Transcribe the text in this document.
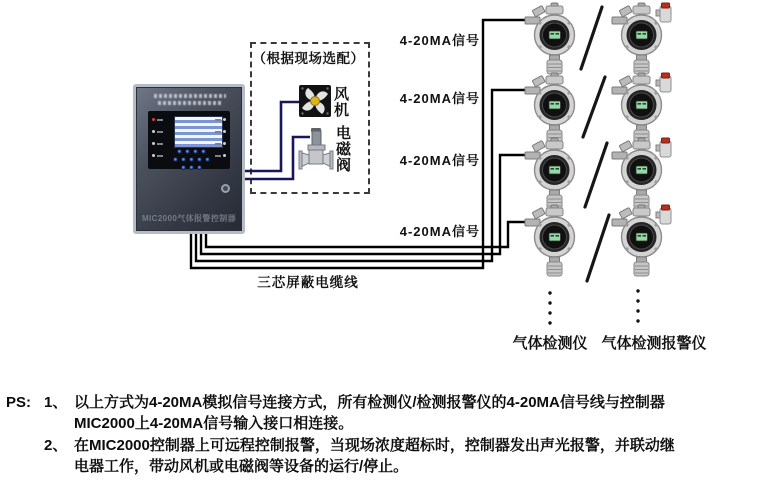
MIC2000气体报警控制器
（根据现场选配）
风机
电磁阀
4-20MA信号
4-20MA信号
4-20MA信号
4-20MA信号
三芯屏蔽电缆线
气体检测仪 气体检测报警仪
PS: 1、 以上方式为4-20MA模拟信号连接方式，所有检测仪/检测报警仪的4-20MA信号线与控制器MIC2000上4-20MA信号输入接口相连接。
2、 在MIC2000控制器上可远程控制报警，当现场浓度超标时，控制器发出声光报警，并联动继电器工作，带动风机或电磁阀等设备的运行/停止。
